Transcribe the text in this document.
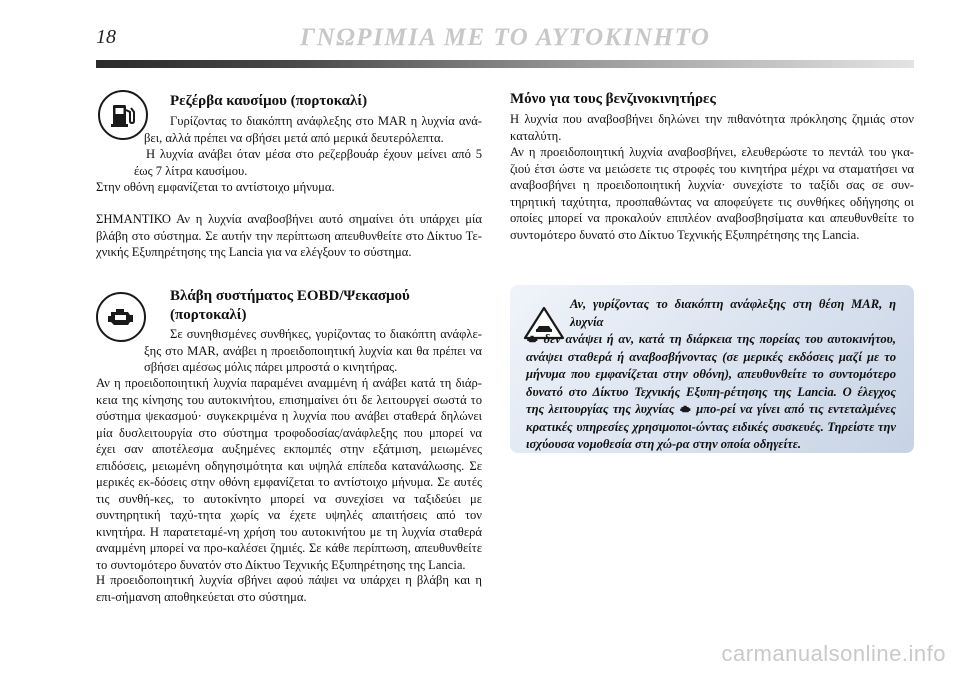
18	ΓΝΩΡΙΜΙΑ ΜΕ ΤΟ ΑΥΤΟΚΙΝΗΤΟ
Ρεζέρβα καυσίμου (πορτοκαλί)

Γυρίζοντας το διακόπτη ανάφλεξης στο MAR η λυχνία ανά-βει, αλλά πρέπει να σβήσει μετά από μερικά δευτερόλεπτα.

Η λυχνία ανάβει όταν μέσα στο ρεζερβουάρ έχουν μείνει από 5 έως 7 λίτρα καυσίμου.

Στην οθόνη εμφανίζεται το αντίστοιχο μήνυμα.

ΣΗΜΑΝΤΙΚΟ Αν η λυχνία αναβοσβήνει αυτό σημαίνει ότι υπάρχει μία βλάβη στο σύστημα. Σε αυτήν την περίπτωση απευθυνθείτε στο Δίκτυο Τε-χνικής Εξυπηρέτησης της Lancia για να ελέγξουν το σύστημα.

Βλάβη συστήματος EOBD/Ψεκασμού
(πορτοκαλί)

Σε συνηθισμένες συνθήκες, γυρίζοντας το διακόπτη ανάφλε-ξης στο MAR, ανάβει η προειδοποιητική λυχνία και θα πρέπει να σβήσει αμέσως μόλις πάρει μπροστά ο κινητήρας.

Αν η προειδοποιητική λυχνία παραμένει αναμμένη ή ανάβει κατά τη διάρ-κεια της κίνησης του αυτοκινήτου, επισημαίνει ότι δε λειτουργεί σωστά το σύστημα ψεκασμού· συγκεκριμένα η λυχνία που ανάβει σταθερά δηλώνει μία δυσλειτουργία στο σύστημα τροφοδοσίας/ανάφλεξης που μπορεί να έχει σαν αποτέλεσμα αυξημένες εκπομπές στην εξάτμιση, μειωμένες επιδόσεις, μειωμένη οδηγησιμότητα και υψηλά επίπεδα κατανάλωσης. Σε μερικές εκ-δόσεις στην οθόνη εμφανίζεται το αντίστοιχο μήνυμα. Σε αυτές τις συνθή-κες, το αυτοκίνητο μπορεί να συνεχίσει να ταξιδεύει με συντηρητική ταχύ-τητα χωρίς να έχετε υψηλές απαιτήσεις από τον κινητήρα. Η παρατεταμέ-νη χρήση του αυτοκινήτου με τη λυχνία σταθερά αναμμένη μπορεί να προ-καλέσει ζημιές. Σε κάθε περίπτωση, απευθυνθείτε το συντομότερο δυνατόν στο Δίκτυο Τεχνικής Εξυπηρέτησης της Lancia.

Η προειδοποιητική λυχνία σβήνει αφού πάψει να υπάρχει η βλάβη και η επι-σήμανση αποθηκεύεται στο σύστημα.

Μόνο για τους βενζινοκινητήρες

Η λυχνία που αναβοσβήνει δηλώνει την πιθανότητα πρόκλησης ζημιάς στον καταλύτη.

Αν η προειδοποιητική λυχνία αναβοσβήνει, ελευθερώστε το πεντάλ του γκα-ζιού έτσι ώστε να μειώσετε τις στροφές του κινητήρα μέχρι να σταματήσει να αναβοσβήνει η προειδοποιητική λυχνία· συνεχίστε το ταξίδι σας σε συν-τηρητική ταχύτητα, προσπαθώντας να αποφεύγετε τις συνθήκες οδήγησης οι οποίες μπορεί να προκαλούν επιπλέον αναβοσβησίματα και απευθυνθείτε το συντομότερο δυνατό στο Δίκτυο Τεχνικής Εξυπηρέτησης της Lancia.

Αν, γυρίζοντας το διακόπτη ανάφλεξης στη θέση MAR, η λυχνία
δεν ανάψει ή αν, κατά τη διάρκεια της πορείας του αυτοκινήτου, ανάψει σταθερά ή αναβοσβήνοντας (σε μερικές εκδόσεις μαζί με το μήνυμα που εμφανίζεται στην οθόνη), απευθυνθείτε το συντομότερο δυνατό στο Δίκτυο Τεχνικής Εξυπη-ρέτησης της Lancia. Ο έλεγχος της λειτουργίας της λυχνίας μπο-ρεί να γίνει από τις εντεταλμένες κρατικές υπηρεσίες χρησιμοποι-ώντας ειδικές συσκευές. Τηρείστε την ισχύουσα νομοθεσία στη χώ-ρα στην οποία οδηγείτε.

carmanualsonline.info
